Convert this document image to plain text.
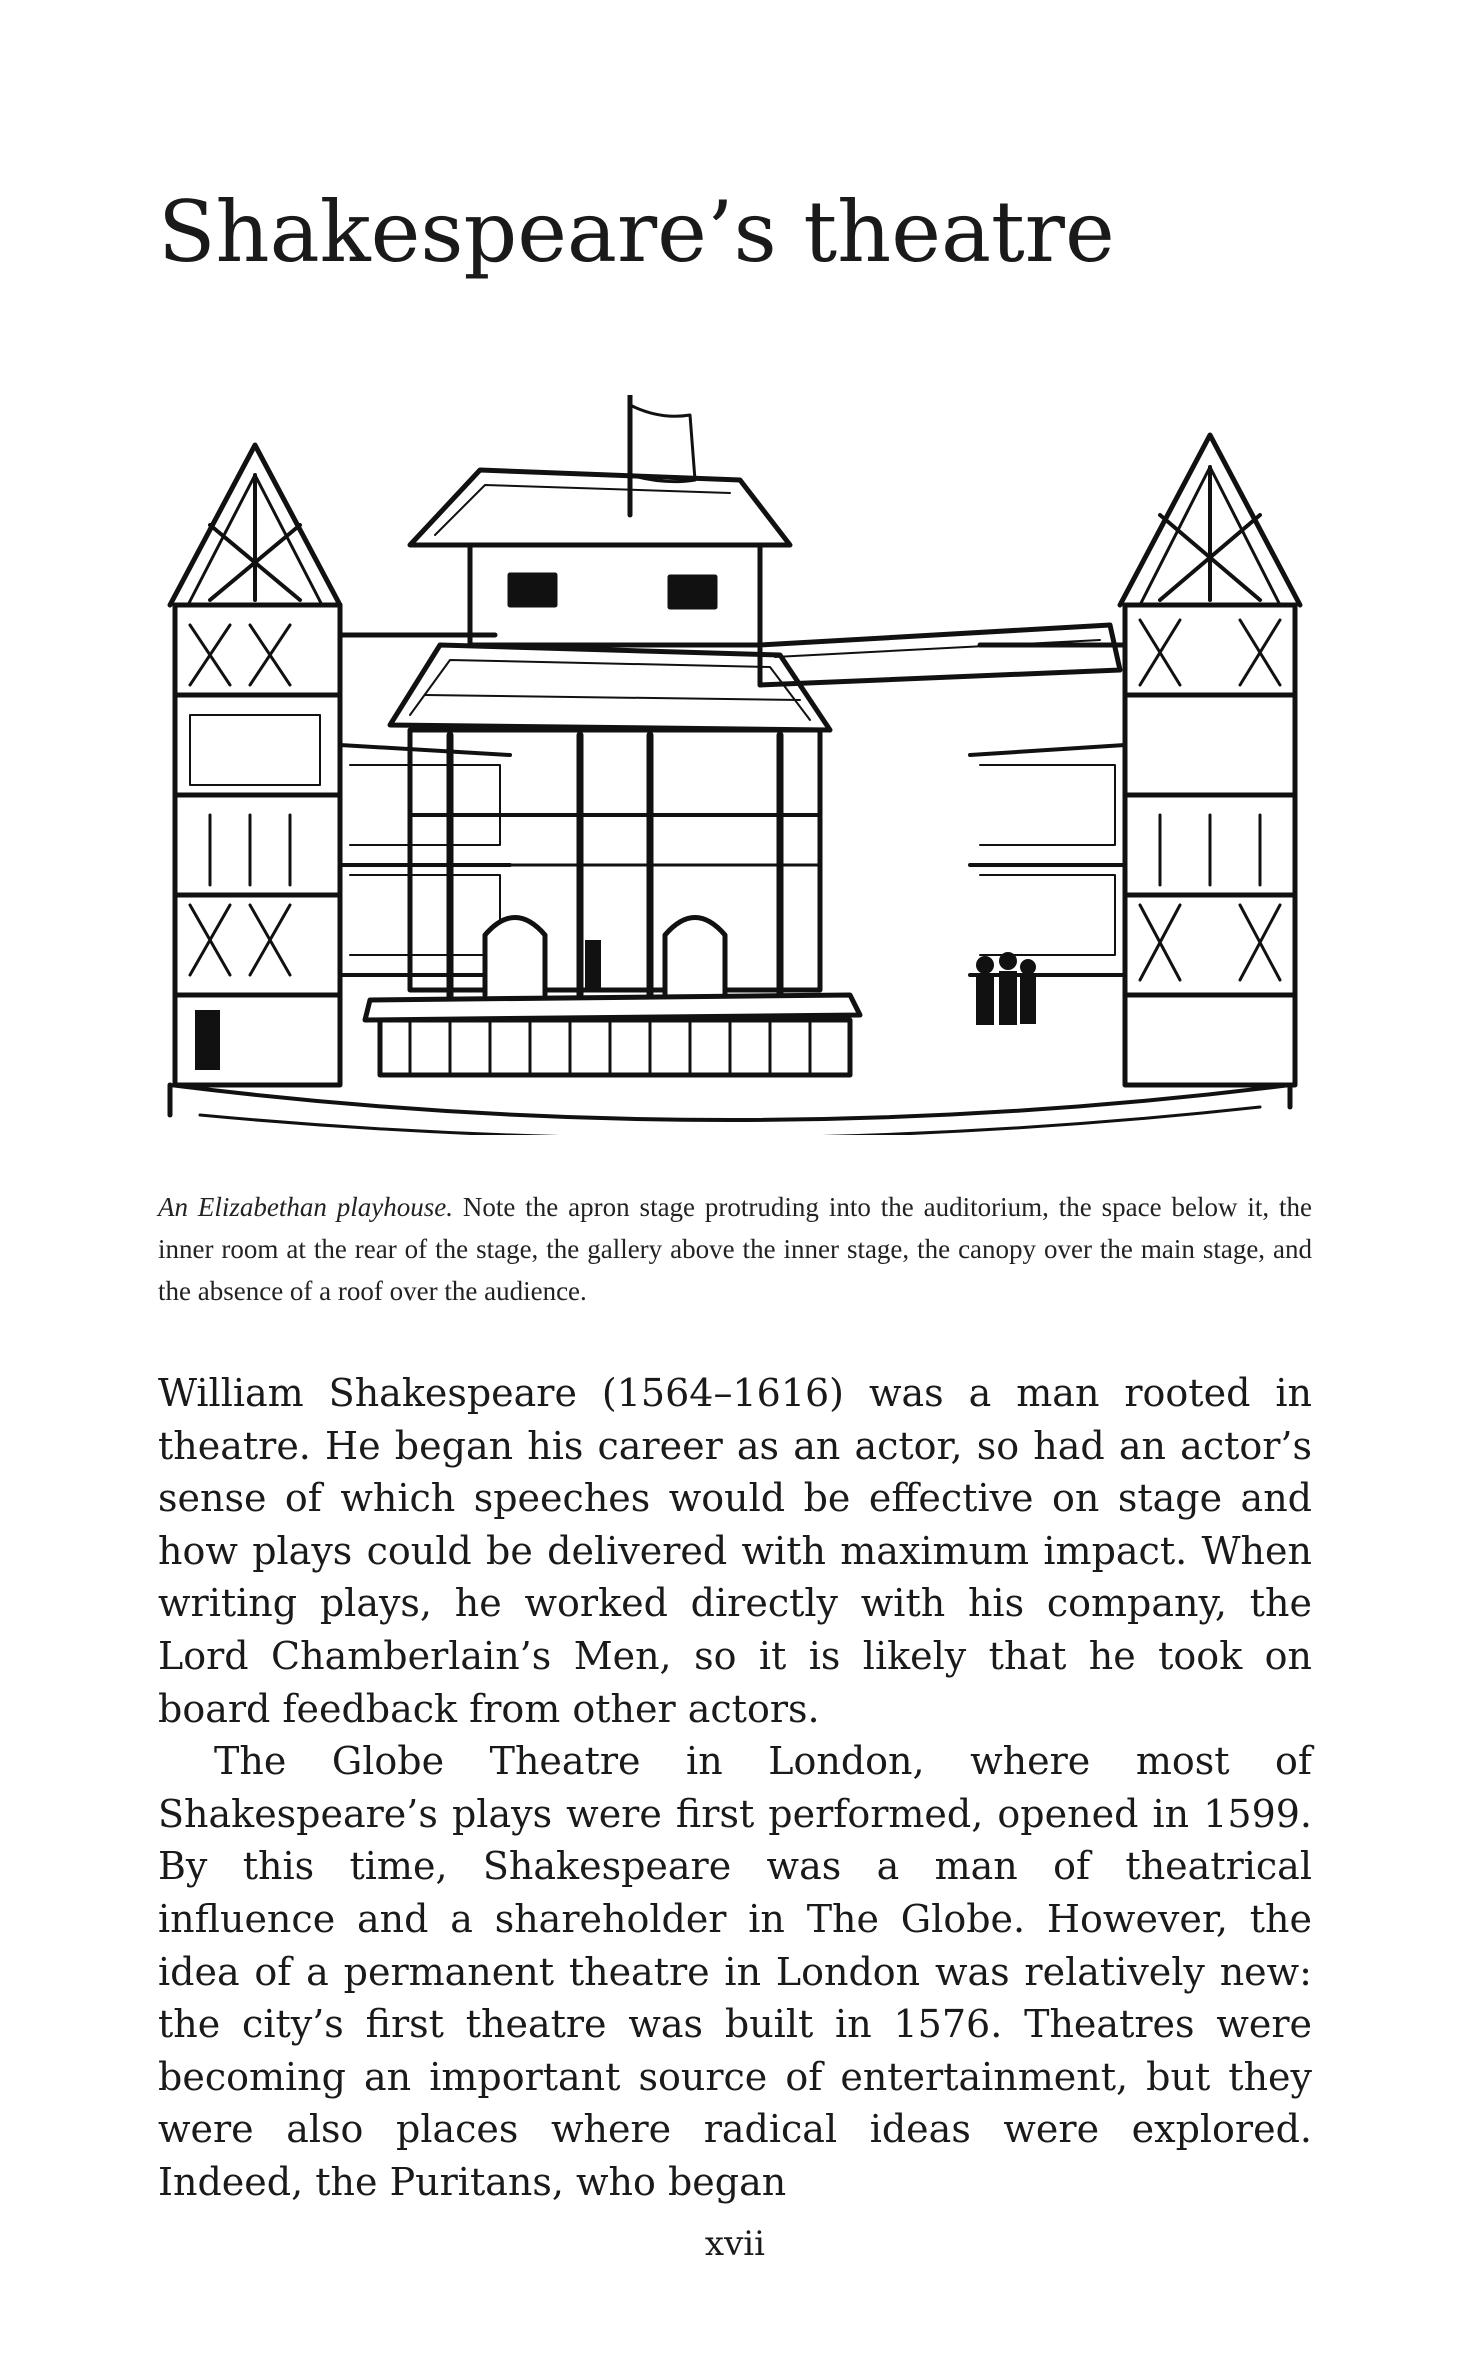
Shakespeare’s theatre

An Elizabethan playhouse. Note the apron stage protruding into the auditorium, the space below it, the inner room at the rear of the stage, the gallery above the inner stage, the canopy over the main stage, and the absence of a roof over the audience.

William Shakespeare (1564–1616) was a man rooted in theatre. He began his career as an actor, so had an actor’s sense of which speeches would be effective on stage and how plays could be delivered with maximum impact. When writing plays, he worked directly with his company, the Lord Chamberlain’s Men, so it is likely that he took on board feedback from other actors.

The Globe Theatre in London, where most of Shakespeare’s plays were first performed, opened in 1599. By this time, Shakespeare was a man of theatrical influence and a shareholder in The Globe. However, the idea of a permanent theatre in London was relatively new: the city’s first theatre was built in 1576. Theatres were becoming an important source of entertainment, but they were also places where radical ideas were explored. Indeed, the Puritans, who began

xvii
